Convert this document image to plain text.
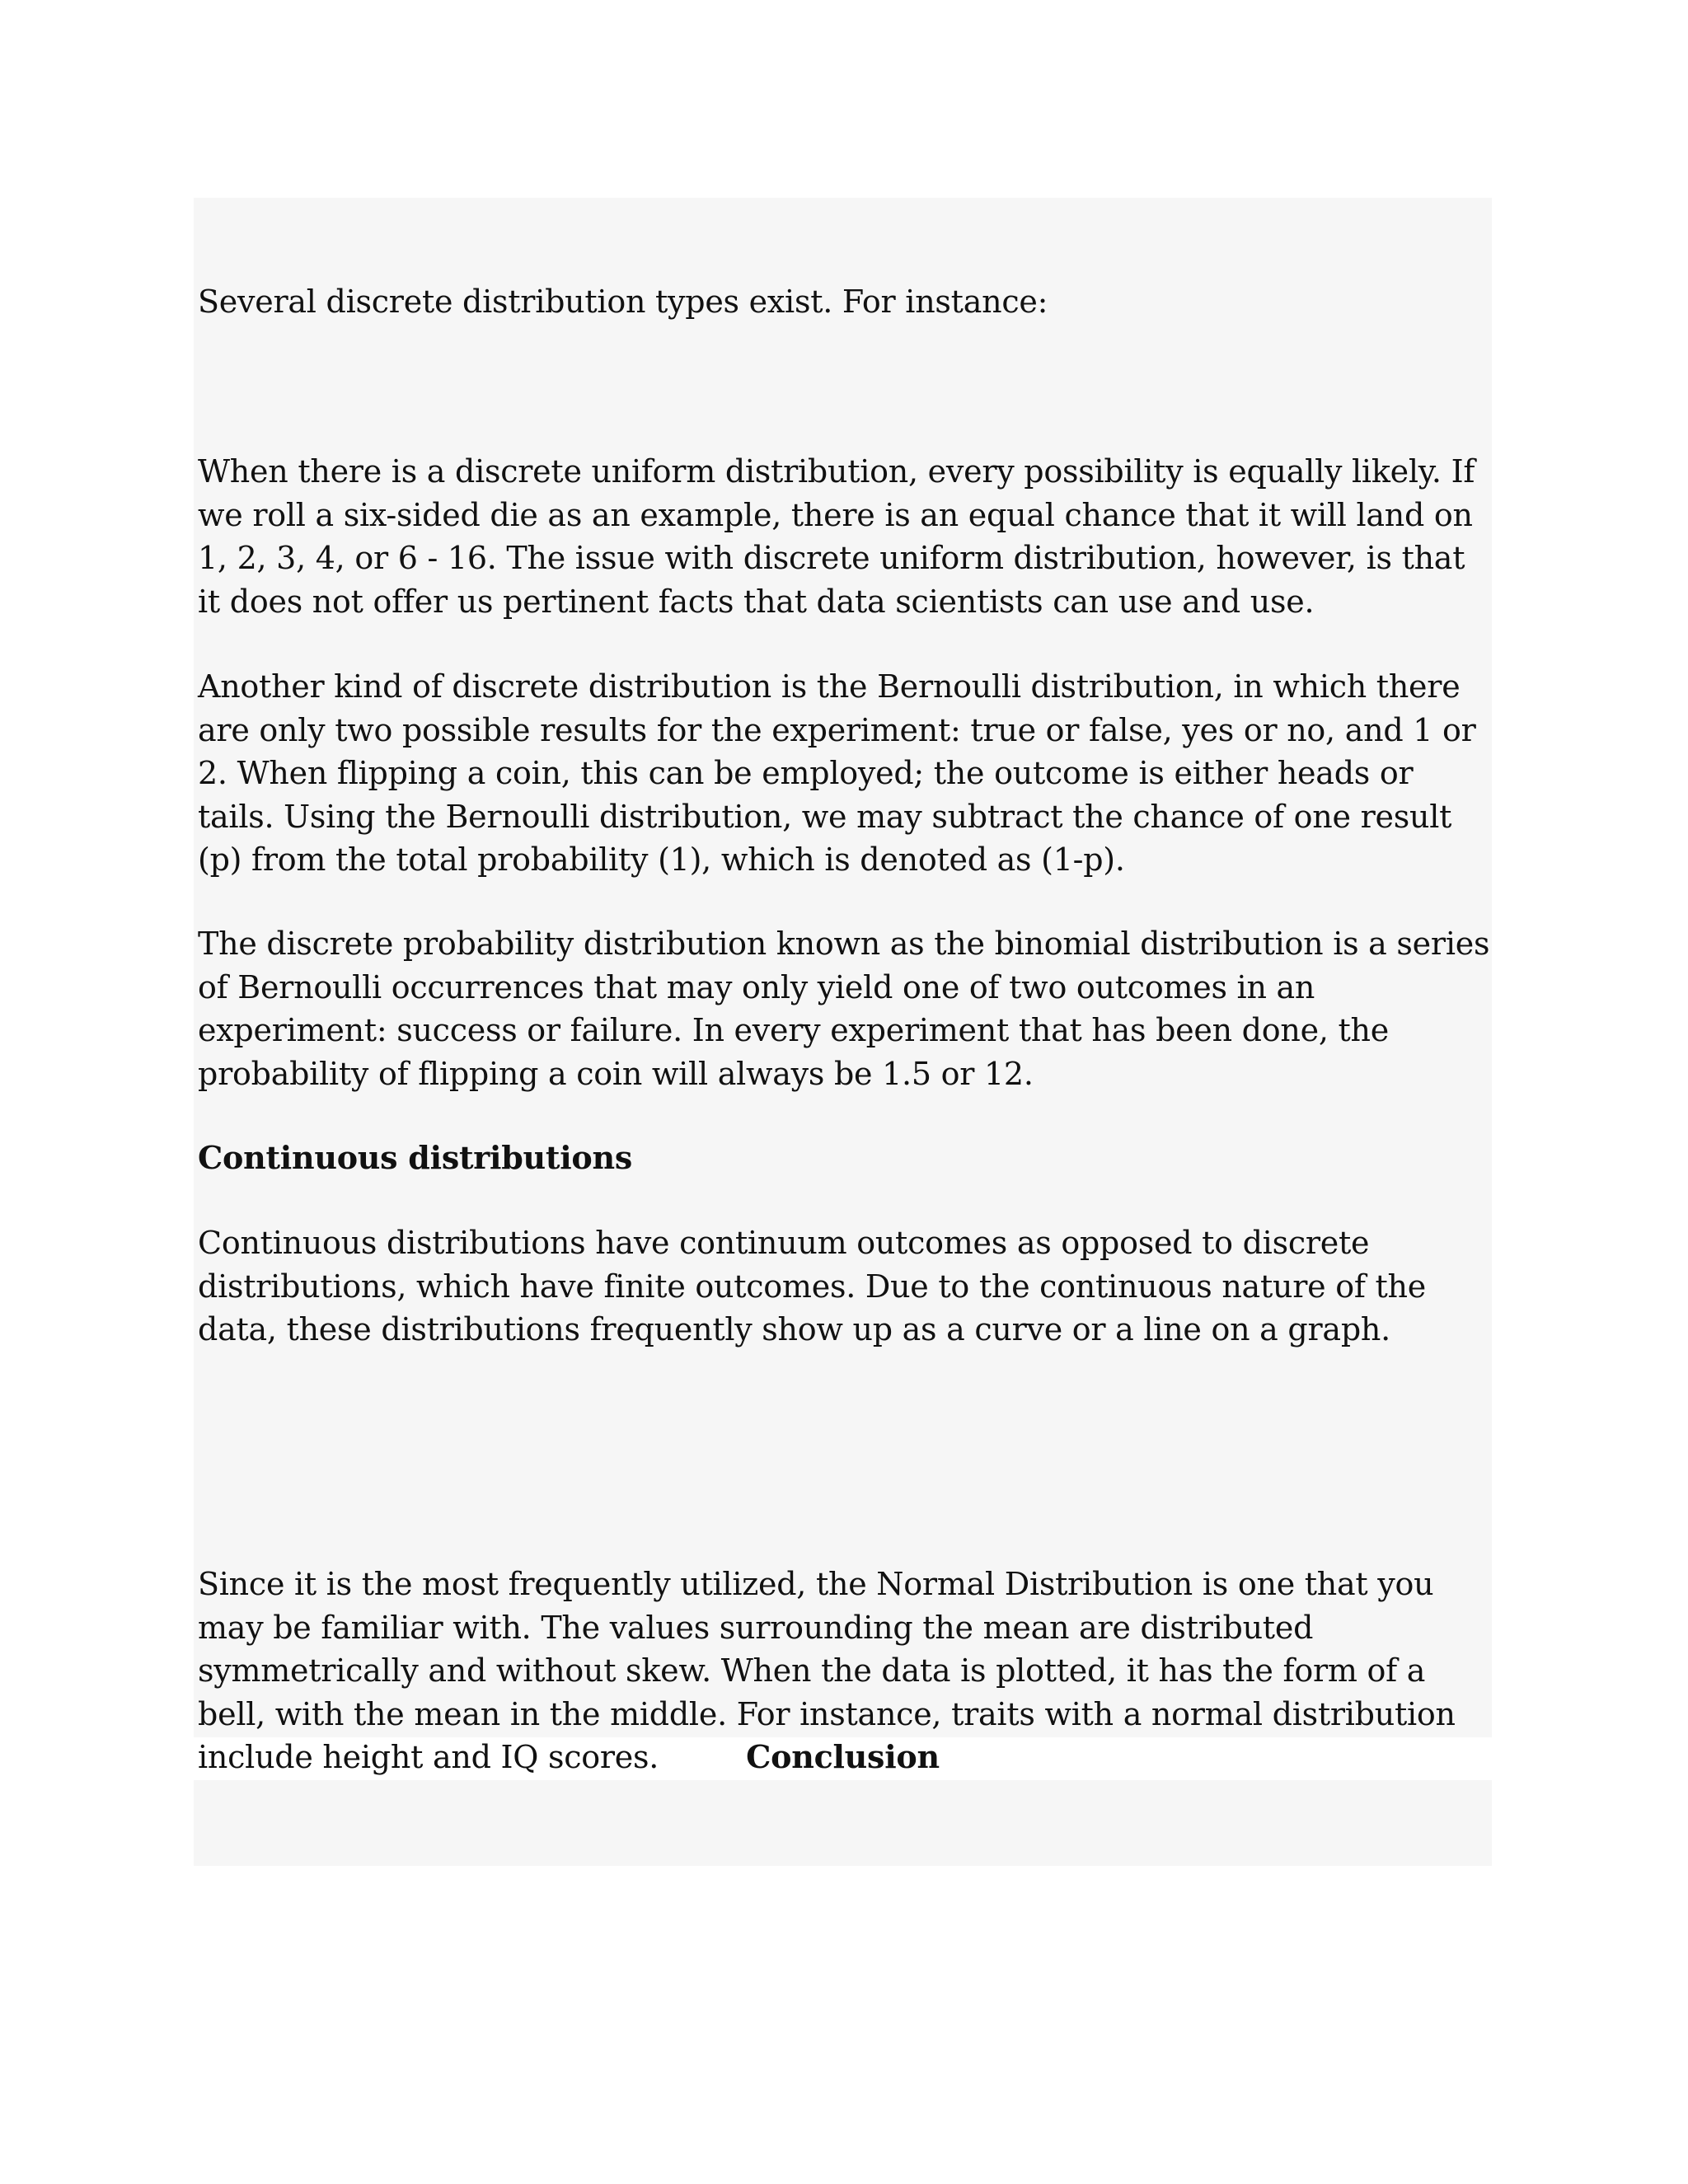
Several discrete distribution types exist. For instance:

When there is a discrete uniform distribution, every possibility is equally likely. If we roll a six-sided die as an example, there is an equal chance that it will land on 1, 2, 3, 4, or 6 - 16. The issue with discrete uniform distribution, however, is that it does not offer us pertinent facts that data scientists can use and use.

Another kind of discrete distribution is the Bernoulli distribution, in which there are only two possible results for the experiment: true or false, yes or no, and 1 or 2. When flipping a coin, this can be employed; the outcome is either heads or tails. Using the Bernoulli distribution, we may subtract the chance of one result (p) from the total probability (1), which is denoted as (1-p).

The discrete probability distribution known as the binomial distribution is a series of Bernoulli occurrences that may only yield one of two outcomes in an experiment: success or failure. In every experiment that has been done, the probability of flipping a coin will always be 1.5 or 12.

Continuous distributions

Continuous distributions have continuum outcomes as opposed to discrete distributions, which have finite outcomes. Due to the continuous nature of the data, these distributions frequently show up as a curve or a line on a graph.

Since it is the most frequently utilized, the Normal Distribution is one that you may be familiar with. The values surrounding the mean are distributed symmetrically and without skew. When the data is plotted, it has the form of a bell, with the mean in the middle. For instance, traits with a normal distribution include height and IQ scores.	Conclusion
